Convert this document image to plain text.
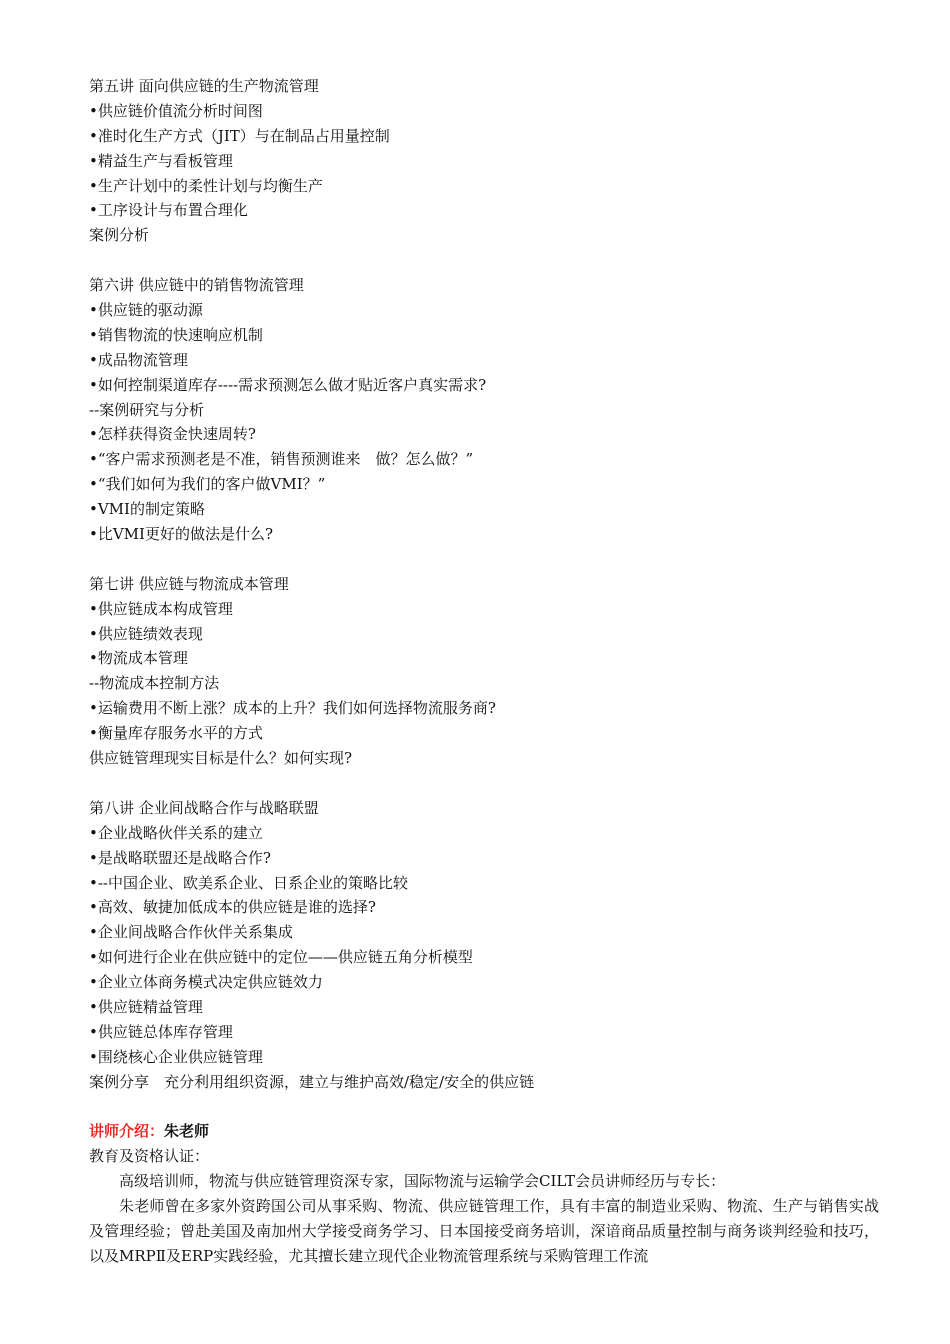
第五讲 面向供应链的生产物流管理
•供应链价值流分析时间图
•准时化生产方式（JIT）与在制品占用量控制
•精益生产与看板管理
•生产计划中的柔性计划与均衡生产
•工序设计与布置合理化
案例分析
第六讲 供应链中的销售物流管理
•供应链的驱动源
•销售物流的快速响应机制
•成品物流管理
•如何控制渠道库存----需求预测怎么做才贴近客户真实需求?
--案例研究与分析
•怎样获得资金快速周转?
•“客户需求预测老是不准，销售预测谁来　做？怎么做？”
•“我们如何为我们的客户做VMI？”
•VMI的制定策略
•比VMI更好的做法是什么?
第七讲 供应链与物流成本管理
•供应链成本构成管理
•供应链绩效表现
•物流成本管理
--物流成本控制方法
•运输费用不断上涨？成本的上升？我们如何选择物流服务商?
•衡量库存服务水平的方式
供应链管理现实目标是什么？如何实现?
第八讲 企业间战略合作与战略联盟
•企业战略伙伴关系的建立
•是战略联盟还是战略合作?
•--中国企业、欧美系企业、日系企业的策略比较
•高效、敏捷加低成本的供应链是谁的选择?
•企业间战略合作伙伴关系集成
•如何进行企业在供应链中的定位——供应链五角分析模型
•企业立体商务模式决定供应链效力
•供应链精益管理
•供应链总体库存管理
•围绕核心企业供应链管理
案例分享　充分利用组织资源，建立与维护高效/稳定/安全的供应链
讲师介绍：朱老师
教育及资格认证：

高级培训师，物流与供应链管理资深专家，国际物流与运输学会CILT会员讲师经历与专长：

朱老师曾在多家外资跨国公司从事采购、物流、供应链管理工作，具有丰富的制造业采购、物流、生产与销售实战及管理经验；曾赴美国及南加州大学接受商务学习、日本国接受商务培训，深谙商品质量控制与商务谈判经验和技巧，以及MRPⅡ及ERP实践经验，尤其擅长建立现代企业物流管理系统与采购管理工作流
